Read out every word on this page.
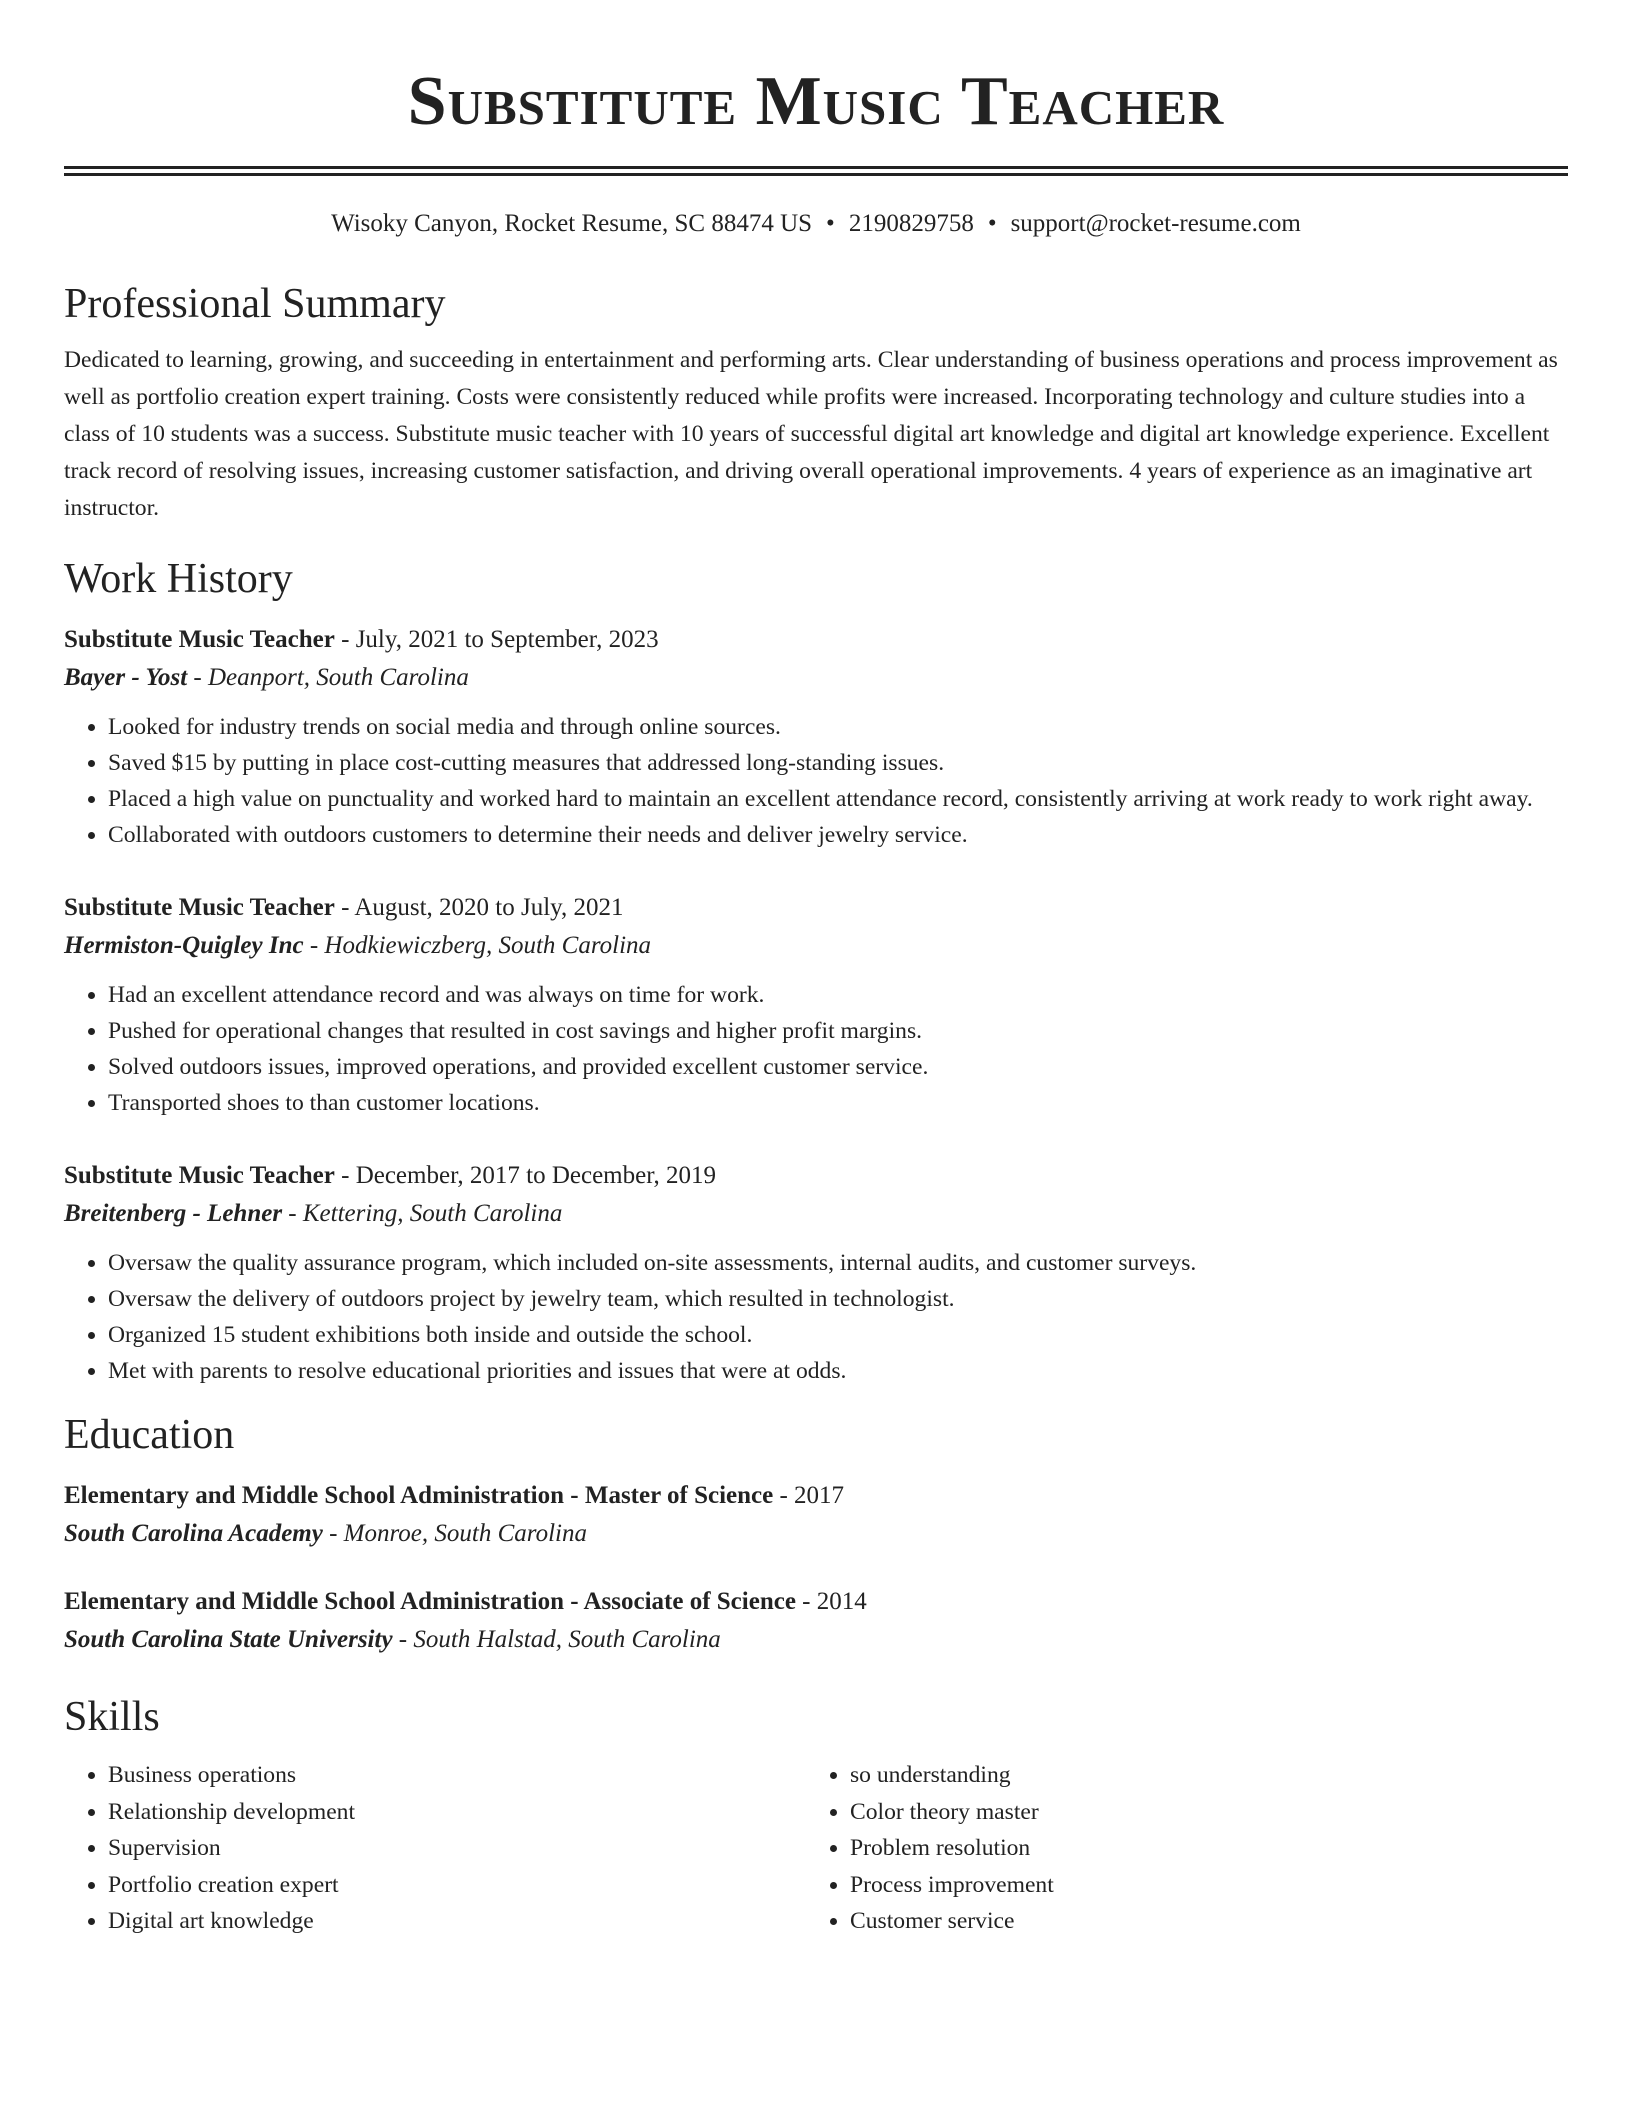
Substitute Music Teacher
Wisoky Canyon, Rocket Resume, SC 88474 US • 2190829758 • support@rocket-resume.com
Professional Summary

Dedicated to learning, growing, and succeeding in entertainment and performing arts. Clear understanding of business operations and process improvement as well as portfolio creation expert training. Costs were consistently reduced while profits were increased. Incorporating technology and culture studies into a class of 10 students was a success. Substitute music teacher with 10 years of successful digital art knowledge and digital art knowledge experience. Excellent track record of resolving issues, increasing customer satisfaction, and driving overall operational improvements. 4 years of experience as an imaginative art instructor.

Work History
Substitute Music Teacher - July, 2021 to September, 2023
Bayer - Yost - Deanport, South Carolina
• Looked for industry trends on social media and through online sources.
• Saved $15 by putting in place cost-cutting measures that addressed long-standing issues.
• Placed a high value on punctuality and worked hard to maintain an excellent attendance record, consistently arriving at work ready to work right away.
• Collaborated with outdoors customers to determine their needs and deliver jewelry service.
Substitute Music Teacher - August, 2020 to July, 2021
Hermiston-Quigley Inc - Hodkiewiczberg, South Carolina
• Had an excellent attendance record and was always on time for work.
• Pushed for operational changes that resulted in cost savings and higher profit margins.
• Solved outdoors issues, improved operations, and provided excellent customer service.
• Transported shoes to than customer locations.
Substitute Music Teacher - December, 2017 to December, 2019
Breitenberg - Lehner - Kettering, South Carolina
• Oversaw the quality assurance program, which included on-site assessments, internal audits, and customer surveys.
• Oversaw the delivery of outdoors project by jewelry team, which resulted in technologist.
• Organized 15 student exhibitions both inside and outside the school.
• Met with parents to resolve educational priorities and issues that were at odds.
Education
Elementary and Middle School Administration - Master of Science - 2017
South Carolina Academy - Monroe, South Carolina
Elementary and Middle School Administration - Associate of Science - 2014
South Carolina State University - South Halstad, South Carolina
Skills
• Business operations
• Relationship development
• Supervision
• Portfolio creation expert
• Digital art knowledge
• so understanding
• Color theory master
• Problem resolution
• Process improvement
• Customer service
